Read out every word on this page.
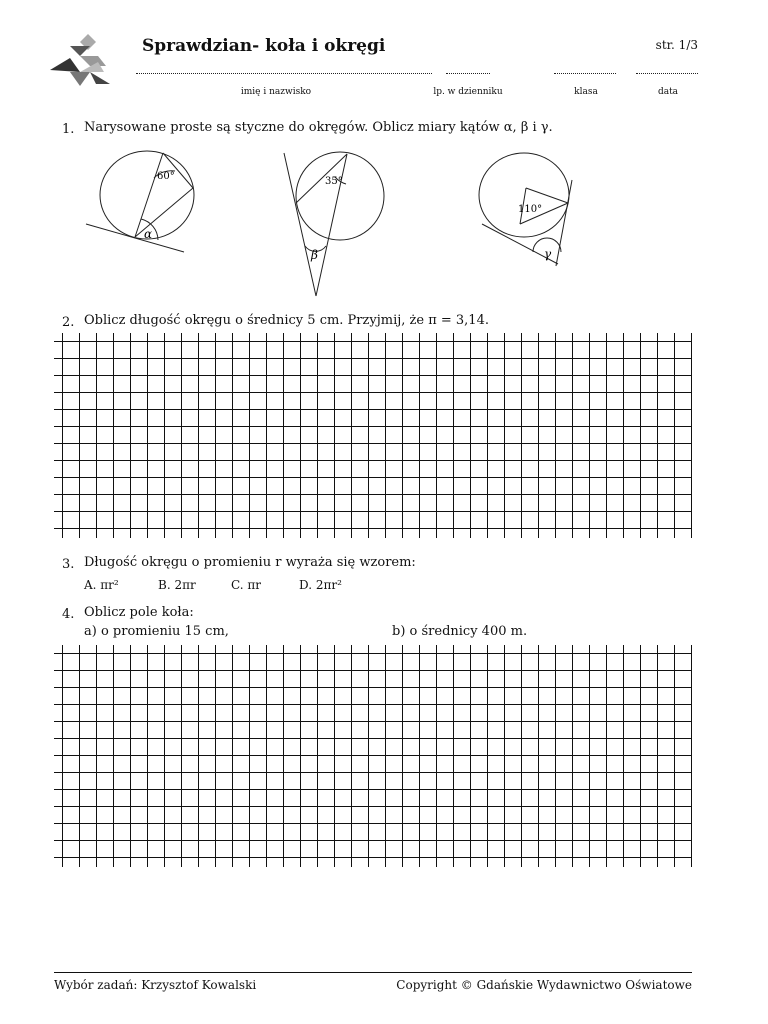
Sprawdzian- koła i okręgi	str. 1/3
imię i nazwisko	lp. w dzienniku	klasa	data
1. Narysowane proste są styczne do okręgów. Oblicz miary kątów α, β i γ.
60°
α
35°
β
110°
γ
2. Oblicz długość okręgu o średnicy 5 cm. Przyjmij, że π = 3,14.
3. Długość okręgu o promieniu r wyraża się wzorem:
A. πr²	B. 2πr	C. πr	D. 2πr²
4. Oblicz pole koła:
a) o promieniu 15 cm,	b) o średnicy 400 m.
Wybór zadań: Krzysztof Kowalski	Copyright © Gdańskie Wydawnictwo Oświatowe
